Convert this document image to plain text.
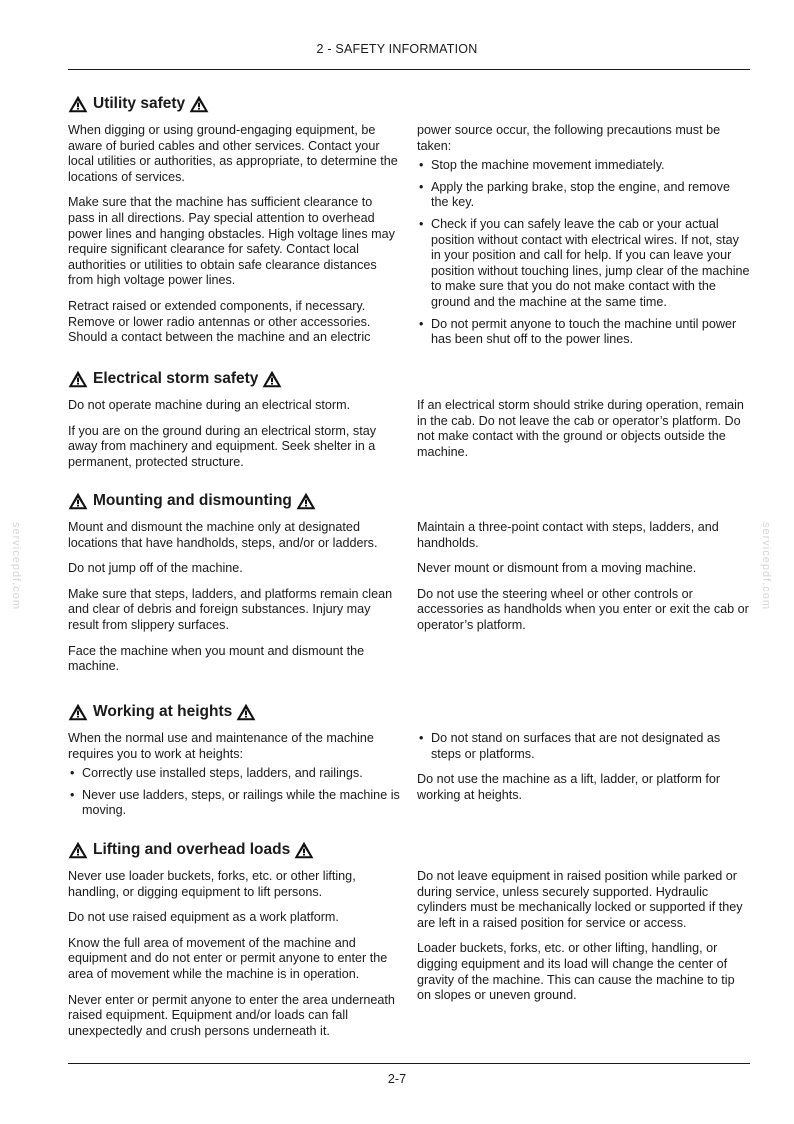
2 - SAFETY INFORMATION
servicepdf.com	servicepdf.com
Utility safety

When digging or using ground-engaging equipment, be aware of buried cables and other services. Contact your local utilities or authorities, as appropriate, to determine the locations of services.

Make sure that the machine has sufficient clearance to pass in all directions. Pay special attention to overhead power lines and hanging obstacles. High voltage lines may require significant clearance for safety. Contact local authorities or utilities to obtain safe clearance distances from high voltage power lines.

Retract raised or extended components, if necessary. Remove or lower radio antennas or other accessories. Should a contact between the machine and an electric

power source occur, the following precautions must be taken:

• Stop the machine movement immediately.
• Apply the parking brake, stop the engine, and remove the key.
• Check if you can safely leave the cab or your actual position without contact with electrical wires. If not, stay in your position and call for help. If you can leave your position without touching lines, jump clear of the machine to make sure that you do not make contact with the ground and the machine at the same time.
• Do not permit anyone to touch the machine until power has been shut off to the power lines.
Electrical storm safety

Do not operate machine during an electrical storm.

If you are on the ground during an electrical storm, stay away from machinery and equipment. Seek shelter in a permanent, protected structure.

If an electrical storm should strike during operation, remain in the cab. Do not leave the cab or operator’s platform. Do not make contact with the ground or objects outside the machine.

Mounting and dismounting

Mount and dismount the machine only at designated locations that have handholds, steps, and/or or ladders.

Do not jump off of the machine.

Make sure that steps, ladders, and platforms remain clean and clear of debris and foreign substances. Injury may result from slippery surfaces.

Face the machine when you mount and dismount the machine.

Maintain a three-point contact with steps, ladders, and handholds.

Never mount or dismount from a moving machine.

Do not use the steering wheel or other controls or accessories as handholds when you enter or exit the cab or operator’s platform.

Working at heights

When the normal use and maintenance of the machine requires you to work at heights:

• Correctly use installed steps, ladders, and railings.
• Never use ladders, steps, or railings while the machine is moving.
• Do not stand on surfaces that are not designated as steps or platforms.

Do not use the machine as a lift, ladder, or platform for working at heights.

Lifting and overhead loads

Never use loader buckets, forks, etc. or other lifting, handling, or digging equipment to lift persons.

Do not use raised equipment as a work platform.

Know the full area of movement of the machine and equipment and do not enter or permit anyone to enter the area of movement while the machine is in operation.

Never enter or permit anyone to enter the area underneath raised equipment. Equipment and/or loads can fall unexpectedly and crush persons underneath it.

Do not leave equipment in raised position while parked or during service, unless securely supported. Hydraulic cylinders must be mechanically locked or supported if they are left in a raised position for service or access.

Loader buckets, forks, etc. or other lifting, handling, or digging equipment and its load will change the center of gravity of the machine. This can cause the machine to tip on slopes or uneven ground.

2-7
